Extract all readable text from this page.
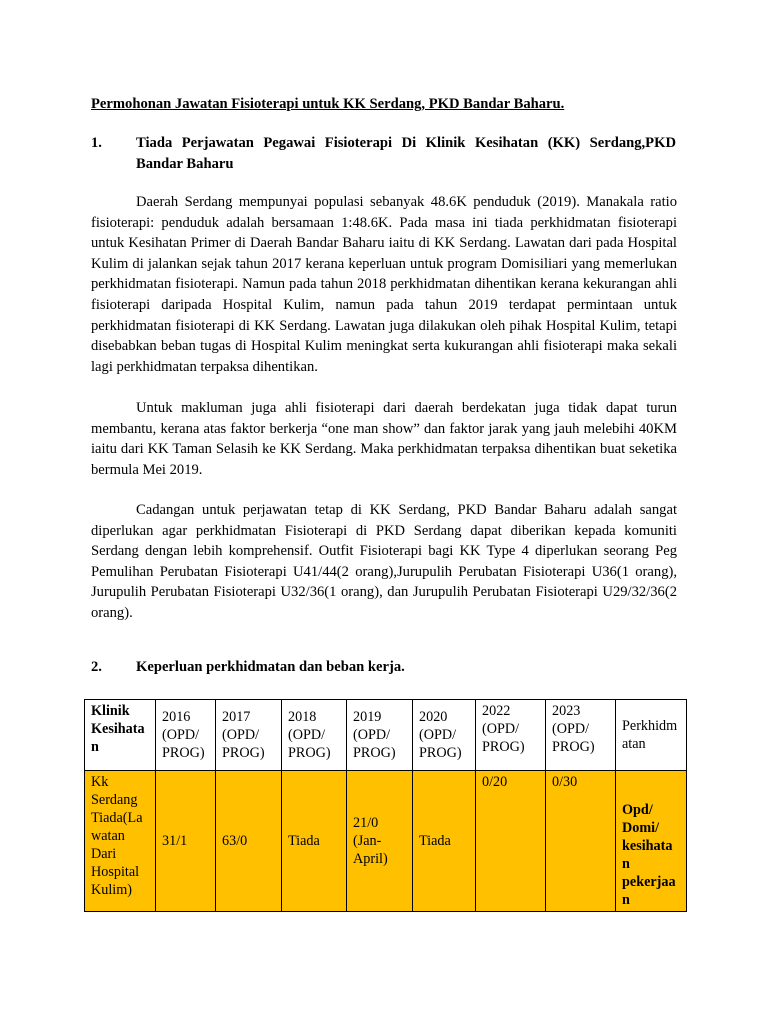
Permohonan Jawatan Fisioterapi untuk KK Serdang, PKD Bandar Baharu.
1. Tiada Perjawatan Pegawai Fisioterapi Di Klinik Kesihatan (KK) Serdang,PKD Bandar Baharu
Daerah Serdang mempunyai populasi sebanyak 48.6K penduduk (2019). Manakala ratio fisioterapi: penduduk adalah bersamaan 1:48.6K. Pada masa ini tiada perkhidmatan fisioterapi untuk Kesihatan Primer di Daerah Bandar Baharu iaitu di KK Serdang. Lawatan dari pada Hospital Kulim di jalankan sejak tahun 2017 kerana keperluan untuk program Domisiliari yang memerlukan perkhidmatan fisioterapi. Namun pada tahun 2018 perkhidmatan dihentikan kerana kekurangan ahli fisioterapi daripada Hospital Kulim, namun pada tahun 2019 terdapat permintaan untuk perkhidmatan fisioterapi di KK Serdang. Lawatan juga dilakukan oleh pihak Hospital Kulim, tetapi disebabkan beban tugas di Hospital Kulim meningkat serta kukurangan ahli fisioterapi maka sekali lagi perkhidmatan terpaksa dihentikan.
Untuk makluman juga ahli fisioterapi dari daerah berdekatan juga tidak dapat turun membantu, kerana atas faktor berkerja “one man show” dan faktor jarak yang jauh melebihi 40KM iaitu dari KK Taman Selasih ke KK Serdang. Maka perkhidmatan terpaksa dihentikan buat seketika bermula Mei 2019.
Cadangan untuk perjawatan tetap di KK Serdang, PKD Bandar Baharu adalah sangat diperlukan agar perkhidmatan Fisioterapi di PKD Serdang dapat diberikan kepada komuniti Serdang dengan lebih komprehensif. Outfit Fisioterapi bagi KK Type 4 diperlukan seorang Peg Pemulihan Perubatan Fisioterapi U41/44(2 orang),Jurupulih Perubatan Fisioterapi U36(1 orang), Jurupulih Perubatan Fisioterapi U32/36(1 orang), dan Jurupulih Perubatan Fisioterapi U29/32/36(2 orang).
2. Keperluan perkhidmatan dan beban kerja.
Klinik Kesihatan	2016 (OPD/ PROG)	2017 (OPD/ PROG)	2018 (OPD/ PROG)	2019 (OPD/ PROG)	2020 (OPD/ PROG)	2022 (OPD/ PROG)	2023 (OPD/ PROG)	Perkhidmatan
Kk Serdang Tiada(Lawatan Dari Hospital Kulim)	31/1	63/0	Tiada	21/0 (Jan-April)	Tiada	0/20	0/30	Opd/ Domi/ kesihatan pekerjaan
